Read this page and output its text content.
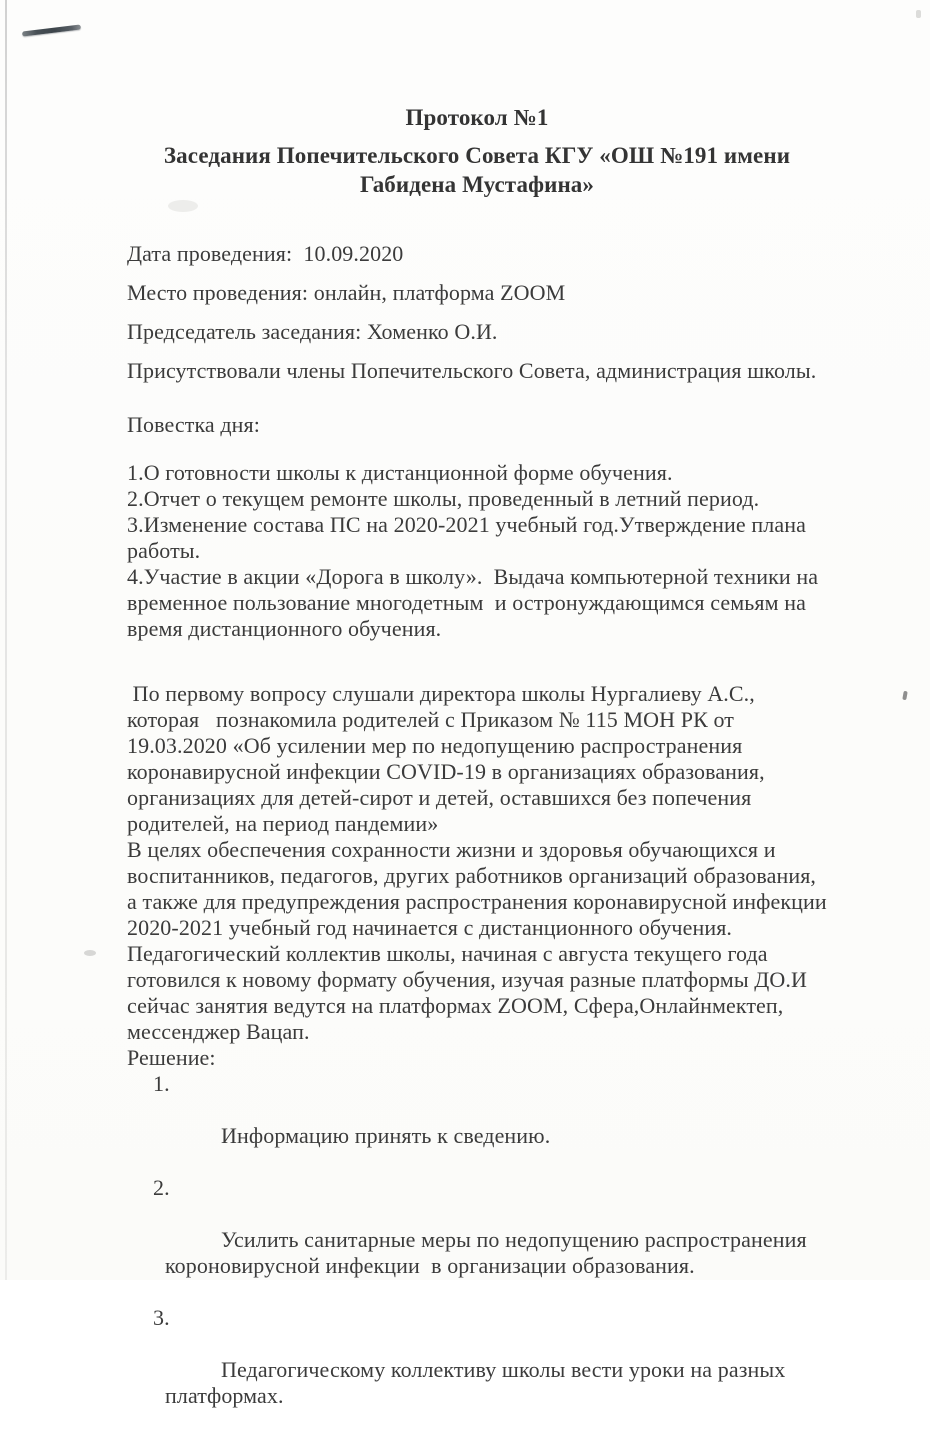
Протокол №1
Заседания Попечительского Совета КГУ «ОШ №191 имени Габидена Мустафина»

Дата проведения:  10.09.2020

Место проведения: онлайн, платформа ZOOM

Председатель заседания: Хоменко О.И.

Присутствовали члены Попечительского Совета, администрация школы.

Повестка дня:

1.О готовности школы к дистанционной форме обучения.

2.Отчет о текущем ремонте школы, проведенный в летний период.

3.Изменение состава ПС на 2020-2021 учебный год.Утверждение плана работы.

4.Участие в акции «Дорога в школу».  Выдача компьютерной техники на временное пользование многодетным  и остронуждающимся семьям на время дистанционного обучения.

По первому вопросу слушали директора школы Нургалиеву А.С., которая   познакомила родителей с Приказом № 115 МОН РК от 19.03.2020 «Об усилении мер по недопущению распространения коронавирусной инфекции COVID-19 в организациях образования, организациях для детей-сирот и детей, оставшихся без попечения родителей, на период пандемии»

В целях обеспечения сохранности жизни и здоровья обучающихся и воспитанников, педагогов, других работников организаций образования, а также для предупреждения распространения коронавирусной инфекции 2020-2021 учебный год начинается с дистанционного обучения.

Педагогический коллектив школы, начиная с августа текущего года готовился к новому формату обучения, изучая разные платформы ДО.И сейчас занятия ведутся на платформах ZOOM, Сфера,Онлайнмектеп, мессенджер Вацап.

Решение:

1.

Информацию принять к сведению.

2.

Усилить санитарные меры по недопущению распространения короновирусной инфекции  в организации образования.

3.

Педагогическому коллективу школы вести уроки на разных платформах.
